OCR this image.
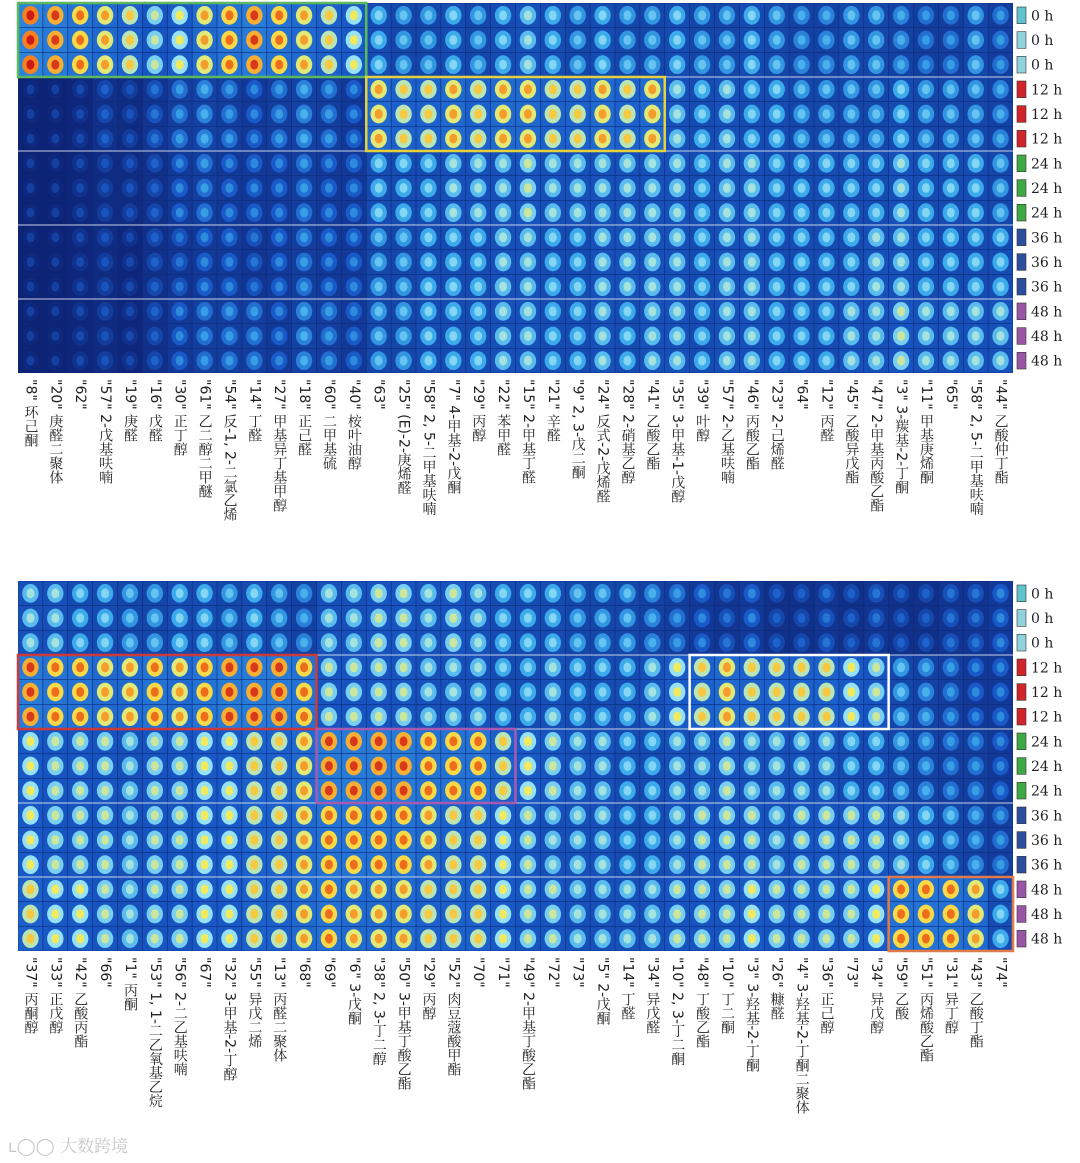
0 h
0 h
0 h
12 h
12 h
12 h
24 h
24 h
24 h
36 h
36 h
36 h
48 h
48 h
48 h
"8" 环己酮 "20" 庚醛二聚体 "62" "57" 2-戊基呋喃 "19" 庚醛 "16" 戊醛 "30" 正丁醇 "61" 乙二醇二甲醚 "54" 反-1, 2-二氯乙烯 "14" 丁醛 "27" 甲基异丁基甲醇 "18" 正己醛 "60" 二甲基硫 "40" 桉叶油醇 "63" "25" (E)-2-庚烯醛 "58" 2, 5-二甲基呋喃 "7" 4-甲基-2-戊酮 "29" 丙醇 "22" 苯甲醛 "15" 2-甲基丁醛 "21" 辛醛 "9" 2, 3-戊二酮 "24" 反式-2-戊烯醛 "28" 2-硝基乙醇 "41" 乙酸乙酯 "35" 3-甲基-1-戊醇 "39" 叶醇 "57" 2-乙基呋喃 "46" 丙酸乙酯 "23" 2-己烯醛 "64" "12" 丙醛 "45" 乙酸异戊酯 "47" 2-甲基丙酸乙酯 "3" 3-羰基-2-丁酮 "11" 甲基庚烯酮 "65" "58" 2, 5-二甲基呋喃 "44" 乙酸仲丁酯
0 h
0 h
0 h
12 h
12 h
12 h
24 h
24 h
24 h
36 h
36 h
36 h
48 h
48 h
48 h
"37" 丙酮醇 "33" 正戊醇 "42" 乙酸丙酯 "66" "1" 丙酮 "53" 1, 1-二乙氧基乙烷 "56" 2-二乙基呋喃 "67" "32" 3-甲基-2-丁醇 "55" 异戊二烯 "13" 丙醛二聚体 "68" "69" "6" 3-戊酮 "38" 2, 3-丁二醇 "50" 3-甲基丁酸乙酯 "29" 丙醇 "52" 肉豆蔻酸甲酯 "70" "71" "49" 2-甲基丁酸乙酯 "72" "73" "5" 2-戊酮 "14" 丁醛 "34" 异戊醛 "10" 2, 3-丁二酮 "48" 丁酸乙酯 "10" 丁二酮 "3" 3-羟基-2-丁酮 "26" 糠醛 "4" 3-羟基-2-丁酮二聚体 "36" 正己醇 "73" "34" 异戊醇 "59" 乙酸 "51" 丙烯酸乙酯 "31" 异丁醇 "43" 乙酸丁酯 "74"
ʟ◯◯ 大数跨境
